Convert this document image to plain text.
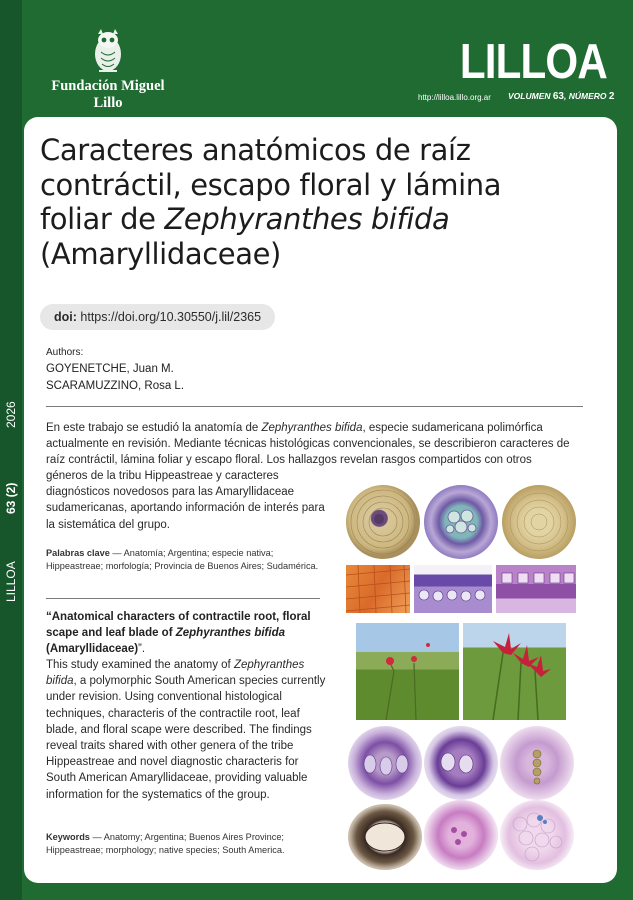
Fundación Miguel Lillo
LILLOA
http://lilloa.lillo.org.ar VOLUMEN 63, NÚMERO 2
2026
63 (2)
LILLOA
Caracteres anatómicos de raíz contráctil, escapo floral y lámina foliar de Zephyranthes bifida (Amaryllidaceae)
doi: https://doi.org/10.30550/j.lil/2365
Authors:
GOYENETCHE, Juan M.
SCARAMUZZINO, Rosa L.
En este trabajo se estudió la anatomía de Zephyranthes bifida, especie sudamericana polimórfica actualmente en revisión. Mediante técnicas histológicas convencionales, se describieron caracteres de raíz contráctil, lámina foliar y escapo floral. Los hallazgos revelan rasgos compartidos con otros
géneros de la tribu Hippeastreae y caracteres diagnósticos novedosos para las Amaryllidaceae sudamericanas, aportando información de interés para la sistemática del grupo.
Palabras clave — Anatomía; Argentina; especie nativa; Hippeastreae; morfología; Provincia de Buenos Aires; Sudamérica.
“Anatomical characters of contractile root, floral scape and leaf blade of Zephyranthes bifida (Amaryllidaceae)”.
This study examined the anatomy of Zephyranthes bifida, a polymorphic South American species currently under revision. Using conventional histological techniques, characteris of the contractile root, leaf blade, and floral scape were described. The findings reveal traits shared with other genera of the tribe Hippeastreae and novel diagnostic characteris for South American Amaryllidaceae, providing valuable information for the systematics of the group.
Keywords — Anatomy; Argentina; Buenos Aires Province; Hippeastreae; morphology; native species; South America.
